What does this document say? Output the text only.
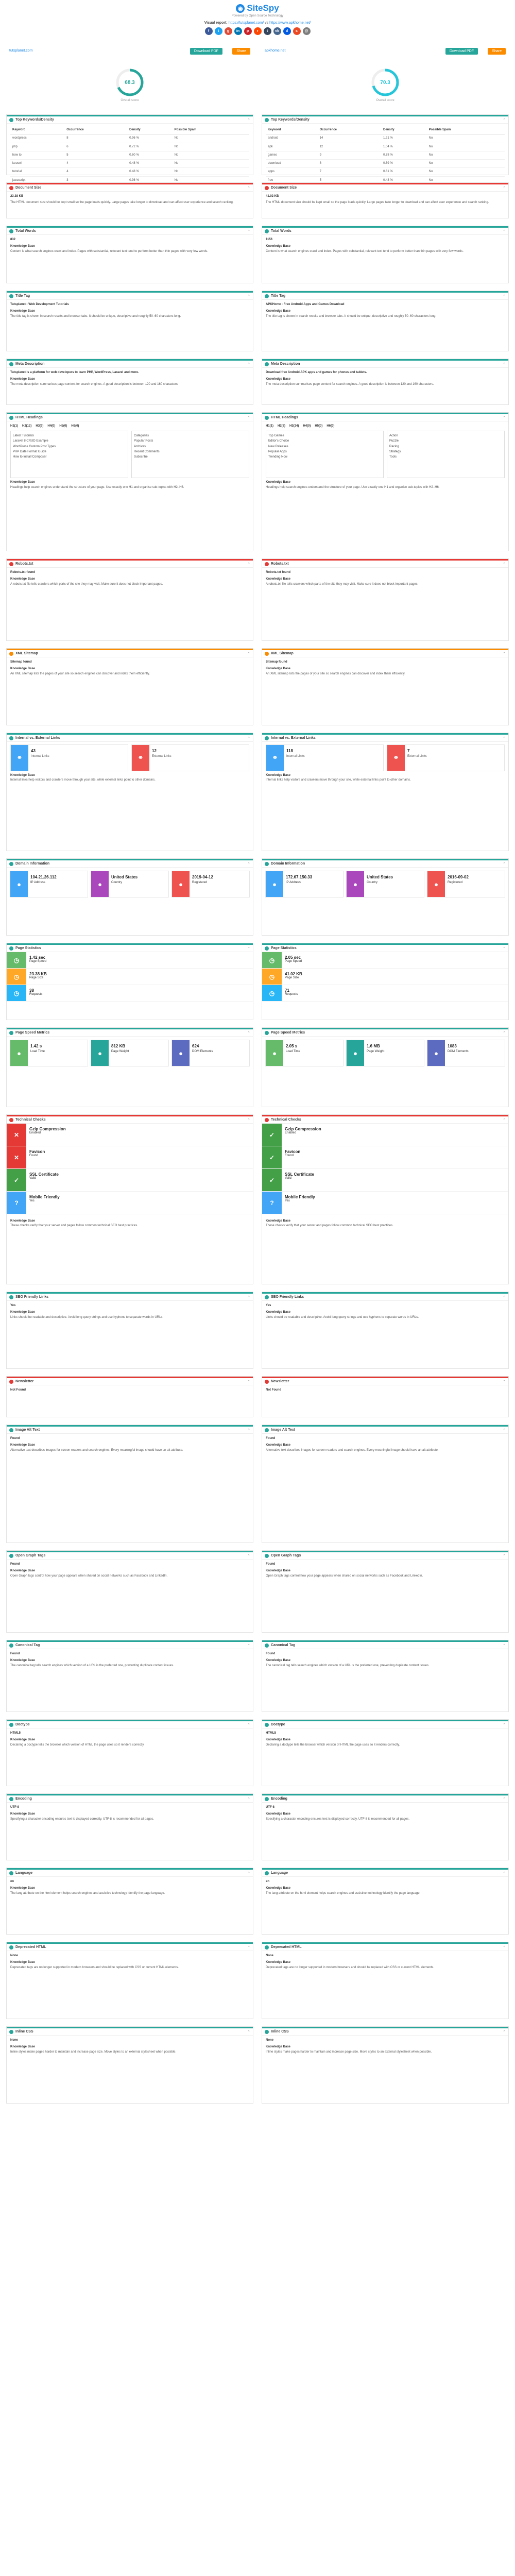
◉ SiteSpy
Powered by Open Source Technology
Visual report: https://tutsplanet.com/ vs https://www.apkhome.net/
f t g in p r t vk d s @
tutsplanet.com	Download PDF	Share
68.3
Overall score
Top Keywords/Density	⌃
Keyword	Occurrence	Density	Possible Spam
wordpress	8	0.96 %	No
php	6	0.72 %	No
how to	5	0.60 %	No
laravel	4	0.48 %	No
tutorial	4	0.48 %	No
javascript	3	0.36 %	No
Document Size	⌃
23.38 KB
The HTML document size should be kept small so the page loads quickly. Large pages take longer to download and can affect user experience and search ranking.
Total Words	⌃
832
Knowledge Base
Content is what search engines crawl and index. Pages with substantial, relevant text tend to perform better than thin pages with very few words.
Title Tag	⌃
Tutsplanet - Web Development Tutorials
Knowledge Base
The title tag is shown in search results and browser tabs. It should be unique, descriptive and roughly 50–60 characters long.
Meta Description	⌃
Tutsplanet is a platform for web developers to learn PHP, WordPress, Laravel and more.
Knowledge Base
The meta description summarises page content for search engines. A good description is between 120 and 160 characters.
HTML Headings	⌃
H1(1) H2(12) H3(9) H4(0) H5(0) H6(0)
Latest Tutorials
Laravel 8 CRUD Example
WordPress Custom Post Types
PHP Date Format Guide
How to Install Composer
Categories
Popular Posts
Archives
Recent Comments
Subscribe
Knowledge Base
Headings help search engines understand the structure of your page. Use exactly one H1 and organise sub-topics with H2–H6.
Robots.txt	⌃
Robots.txt found
Knowledge Base
A robots.txt file tells crawlers which parts of the site they may visit. Make sure it does not block important pages.
XML Sitemap	⌃
Sitemap found
Knowledge Base
An XML sitemap lists the pages of your site so search engines can discover and index them efficiently.
Internal vs. External Links	⌃
⚭
43
Internal Links	⚭
12
External Links
Knowledge Base
Internal links help visitors and crawlers move through your site, while external links point to other domains.
Domain Information	⌃
●
104.21.26.112
IP Address	●
United States
Country	●
2019-04-12
Registered
Page Statistics	⌃
◷	1.42 sec
Page Speed
◷	23.38 KB
Page Size
◷	38
Requests
Page Speed Metrics	⌃
●
1.42 s
Load Time	●
812 KB
Page Weight	●
624
DOM Elements
Technical Checks	⌃
✕
Gzip Compression
Enabled
✕
Favicon
Found
✓
SSL Certificate
Valid
?
Mobile Friendly
Yes
Knowledge Base
These checks verify that your server and pages follow common technical SEO best practices.
SEO Friendly Links	⌃
Yes
Knowledge Base
Links should be readable and descriptive. Avoid long query strings and use hyphens to separate words in URLs.
Newsletter	⌃
Not Found
Image Alt Text	⌃
Found
Knowledge Base
Alternative text describes images for screen readers and search engines. Every meaningful image should have an alt attribute.
Open Graph Tags	⌃
Found
Knowledge Base
Open Graph tags control how your page appears when shared on social networks such as Facebook and LinkedIn.
Canonical Tag	⌃
Found
Knowledge Base
The canonical tag tells search engines which version of a URL is the preferred one, preventing duplicate content issues.
Doctype	⌃
HTML5
Knowledge Base
Declaring a doctype tells the browser which version of HTML the page uses so it renders correctly.
Encoding	⌃
UTF-8
Knowledge Base
Specifying a character encoding ensures text is displayed correctly. UTF-8 is recommended for all pages.
Language	⌃
en
Knowledge Base
The lang attribute on the html element helps search engines and assistive technology identify the page language.
Deprecated HTML	⌃
None
Knowledge Base
Deprecated tags are no longer supported in modern browsers and should be replaced with CSS or current HTML elements.
Inline CSS	⌃
None
Knowledge Base
Inline styles make pages harder to maintain and increase page size. Move styles to an external stylesheet when possible.
apkhome.net	Download PDF	Share
70.3
Overall score
Top Keywords/Density	⌃
Keyword	Occurrence	Density	Possible Spam
android	14	1.21 %	No
apk	12	1.04 %	No
games	9	0.78 %	No
download	8	0.69 %	No
apps	7	0.61 %	No
free	5	0.43 %	No
Document Size	⌃
41.02 KB
The HTML document size should be kept small so the page loads quickly. Large pages take longer to download and can affect user experience and search ranking.
Total Words	⌃
1156
Knowledge Base
Content is what search engines crawl and index. Pages with substantial, relevant text tend to perform better than thin pages with very few words.
Title Tag	⌃
APKHome - Free Android Apps and Games Download
Knowledge Base
The title tag is shown in search results and browser tabs. It should be unique, descriptive and roughly 50–60 characters long.
Meta Description	⌃
Download free Android APK apps and games for phones and tablets.
Knowledge Base
The meta description summarises page content for search engines. A good description is between 120 and 160 characters.
HTML Headings	⌃
H1(1) H2(8) H3(24) H4(0) H5(0) H6(0)
Top Games
Editor's Choice
New Releases
Popular Apps
Trending Now
Action
Puzzle
Racing
Strategy
Tools
Knowledge Base
Headings help search engines understand the structure of your page. Use exactly one H1 and organise sub-topics with H2–H6.
Robots.txt	⌃
Robots.txt found
Knowledge Base
A robots.txt file tells crawlers which parts of the site they may visit. Make sure it does not block important pages.
XML Sitemap	⌃
Sitemap found
Knowledge Base
An XML sitemap lists the pages of your site so search engines can discover and index them efficiently.
Internal vs. External Links	⌃
⚭
118
Internal Links	⚭
7
External Links
Knowledge Base
Internal links help visitors and crawlers move through your site, while external links point to other domains.
Domain Information	⌃
●
172.67.150.33
IP Address	●
United States
Country	●
2016-09-02
Registered
Page Statistics	⌃
◷	2.05 sec
Page Speed
◷	41.02 KB
Page Size
◷	71
Requests
Page Speed Metrics	⌃
●
2.05 s
Load Time	●
1.6 MB
Page Weight	●
1083
DOM Elements
Technical Checks	⌃
✓
Gzip Compression
Enabled
✓
Favicon
Found
✓
SSL Certificate
Valid
?
Mobile Friendly
Yes
Knowledge Base
These checks verify that your server and pages follow common technical SEO best practices.
SEO Friendly Links	⌃
Yes
Knowledge Base
Links should be readable and descriptive. Avoid long query strings and use hyphens to separate words in URLs.
Newsletter	⌃
Not Found
Image Alt Text	⌃
Found
Knowledge Base
Alternative text describes images for screen readers and search engines. Every meaningful image should have an alt attribute.
Open Graph Tags	⌃
Found
Knowledge Base
Open Graph tags control how your page appears when shared on social networks such as Facebook and LinkedIn.
Canonical Tag	⌃
Found
Knowledge Base
The canonical tag tells search engines which version of a URL is the preferred one, preventing duplicate content issues.
Doctype	⌃
HTML5
Knowledge Base
Declaring a doctype tells the browser which version of HTML the page uses so it renders correctly.
Encoding	⌃
UTF-8
Knowledge Base
Specifying a character encoding ensures text is displayed correctly. UTF-8 is recommended for all pages.
Language	⌃
en
Knowledge Base
The lang attribute on the html element helps search engines and assistive technology identify the page language.
Deprecated HTML	⌃
None
Knowledge Base
Deprecated tags are no longer supported in modern browsers and should be replaced with CSS or current HTML elements.
Inline CSS	⌃
None
Knowledge Base
Inline styles make pages harder to maintain and increase page size. Move styles to an external stylesheet when possible.
